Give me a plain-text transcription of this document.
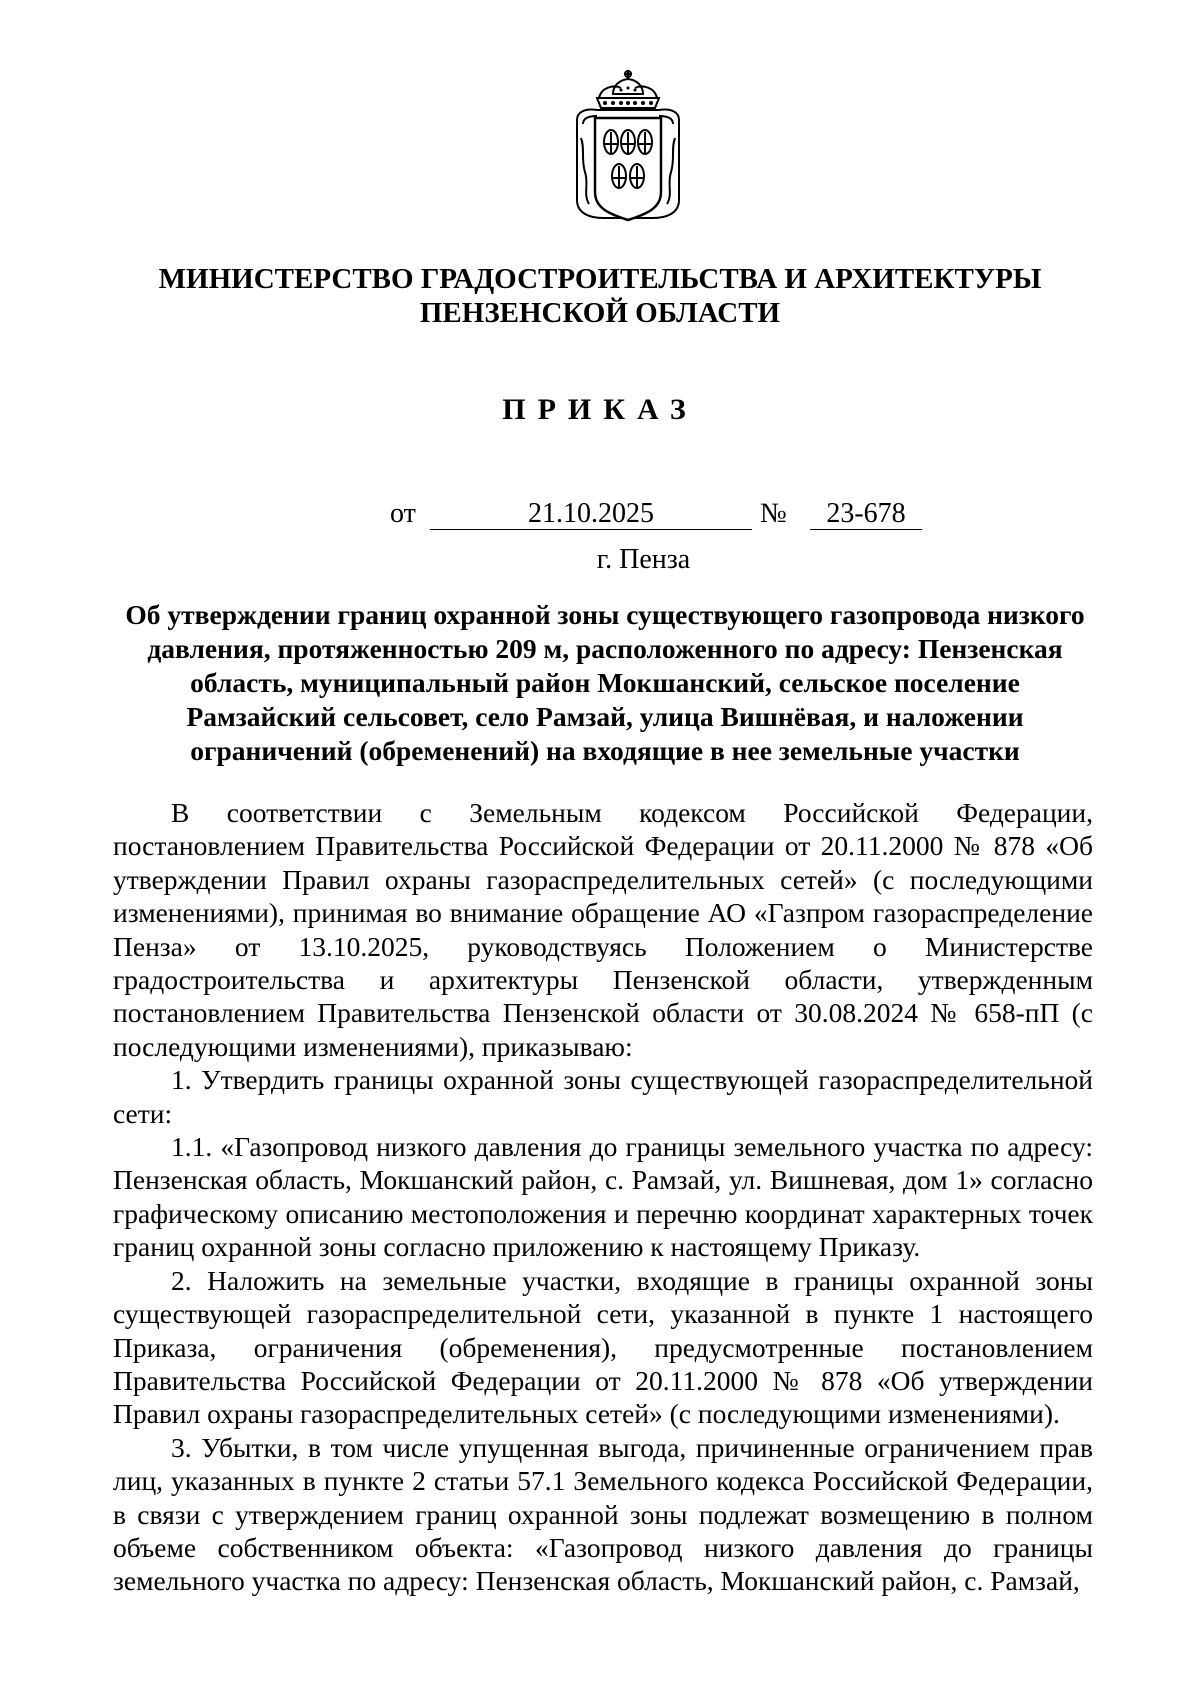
МИНИСТЕРСТВО ГРАДОСТРОИТЕЛЬСТВА И АРХИТЕКТУРЫ
ПЕНЗЕНСКОЙ ОБЛАСТИ
ПРИКАЗ
от	21.10.2025	№	23-678
г. Пенза
Об утверждении границ охранной зоны существующего газопровода низкого давления, протяженностью 209 м, расположенного по адресу: Пензенская область, муниципальный район Мокшанский, сельское поселение Рамзайский сельсовет, село Рамзай, улица Вишнёвая, и наложении ограничений (обременений) на входящие в нее земельные участки

В соответствии с Земельным кодексом Российской Федерации, постановлением Правительства Российской Федерации от 20.11.2000 № 878 «Об утверждении Правил охраны газораспределительных сетей» (с последующими изменениями), принимая во внимание обращение АО «Газпром газораспределение Пенза» от 13.10.2025, руководствуясь Положением о Министерстве градостроительства и архитектуры Пензенской области, утвержденным постановлением Правительства Пензенской области от 30.08.2024 № 658-пП (с последующими изменениями), приказываю:

1. Утвердить границы охранной зоны существующей газораспределительной сети:

1.1. «Газопровод низкого давления до границы земельного участка по адресу: Пензенская область, Мокшанский район, с. Рамзай, ул. Вишневая, дом 1» согласно графическому описанию местоположения и перечню координат характерных точек границ охранной зоны согласно приложению к настоящему Приказу.

2. Наложить на земельные участки, входящие в границы охранной зоны существующей газораспределительной сети, указанной в пункте 1 настоящего Приказа, ограничения (обременения), предусмотренные постановлением Правительства Российской Федерации от 20.11.2000 № 878 «Об утверждении Правил охраны газораспределительных сетей» (с последующими изменениями).

3. Убытки, в том числе упущенная выгода, причиненные ограничением прав лиц, указанных в пункте 2 статьи 57.1 Земельного кодекса Российской Федерации, в связи с утверждением границ охранной зоны подлежат возмещению в полном объеме собственником объекта: «Газопровод низкого давления до границы земельного участка по адресу: Пензенская область, Мокшанский район, с. Рамзай,
